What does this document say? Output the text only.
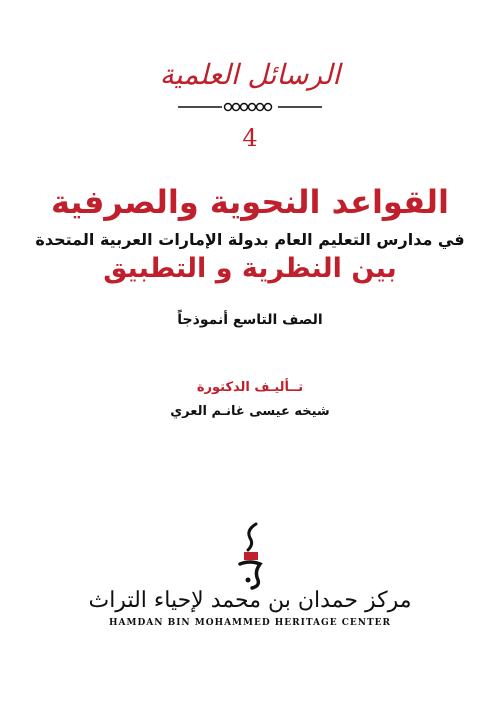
الرسائل العلمية
4
القواعد النحوية والصرفية
في مدارس التعليم العام بدولة الإمارات العربية المتحدة
بين النظرية و التطبيق
الصف التاسع أنموذجاً
تــأليـف الدكتورة
شيخه عيسى غانـم العري
مركز حمدان بن محمد لإحياء التراث
HAMDAN BIN MOHAMMED HERITAGE CENTER
